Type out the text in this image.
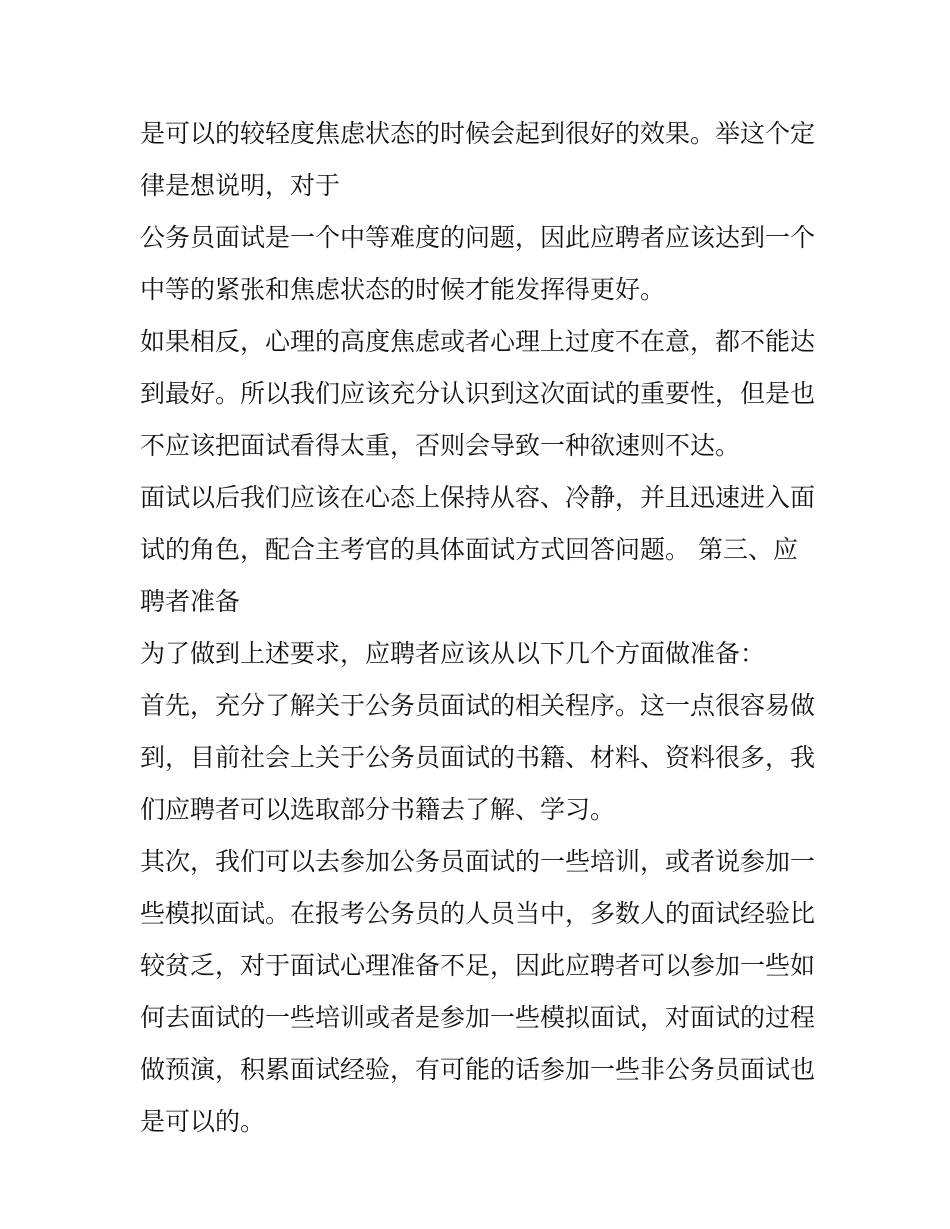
是可以的较轻度焦虑状态的时候会起到很好的效果。举这个定
律是想说明，对于

公务员面试是一个中等难度的问题，因此应聘者应该达到一个
中等的紧张和焦虑状态的时候才能发挥得更好。

如果相反，心理的高度焦虑或者心理上过度不在意，都不能达
到最好。所以我们应该充分认识到这次面试的重要性，但是也
不应该把面试看得太重，否则会导致一种欲速则不达。

面试以后我们应该在心态上保持从容、冷静，并且迅速进入面
试的角色，配合主考官的具体面试方式回答问题。 第三、应
聘者准备

为了做到上述要求，应聘者应该从以下几个方面做准备：

首先，充分了解关于公务员面试的相关程序。这一点很容易做
到，目前社会上关于公务员面试的书籍、材料、资料很多，我
们应聘者可以选取部分书籍去了解、学习。

其次，我们可以去参加公务员面试的一些培训，或者说参加一
些模拟面试。在报考公务员的人员当中，多数人的面试经验比
较贫乏，对于面试心理准备不足，因此应聘者可以参加一些如
何去面试的一些培训或者是参加一些模拟面试，对面试的过程
做预演，积累面试经验，有可能的话参加一些非公务员面试也
是可以的。
